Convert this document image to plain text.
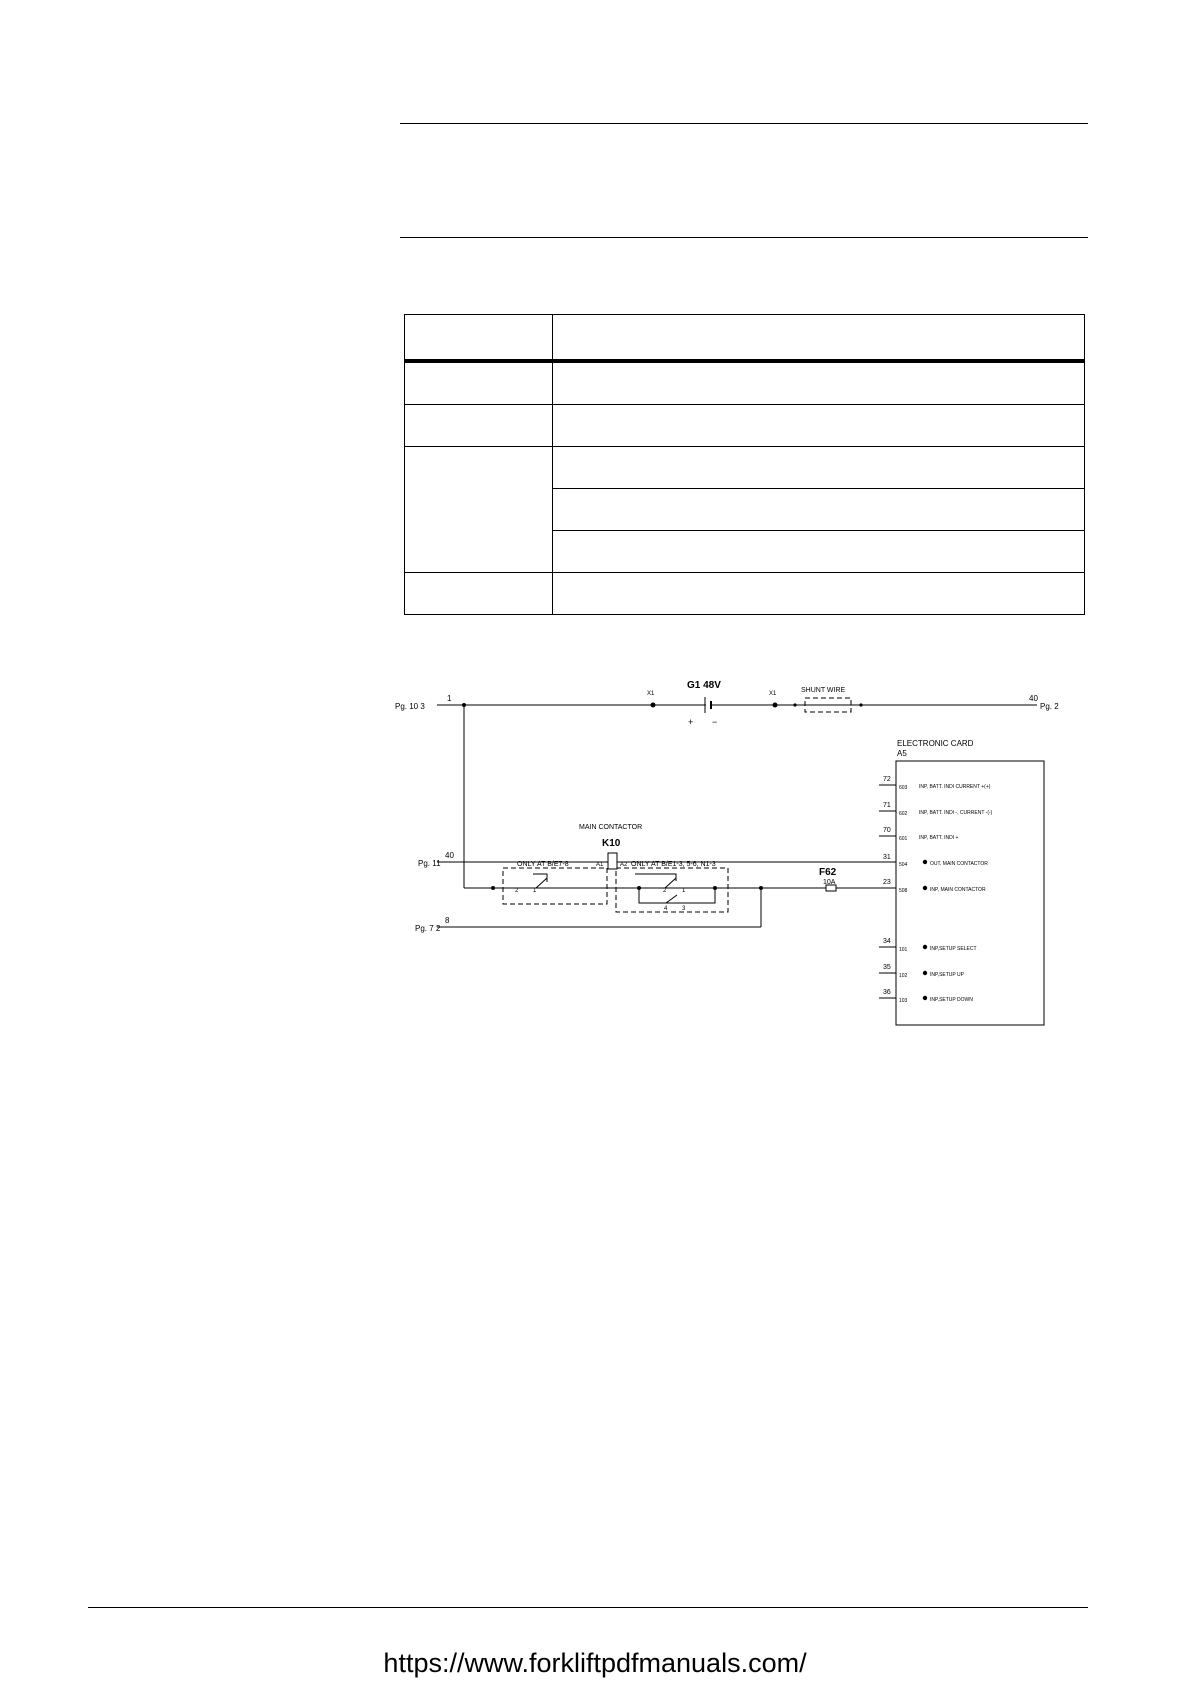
Pg. 10 3
1	X1	X1
G1 48V
+ −
SHUNT WIRE
40
Pg. 2
ELECTRONIC CARD
A5
72
603 INP, BATT. INDI CURRENT +(+)
71
602 INP, BATT. INDI -, CURRENT -(-)
70
601 INP, BATT. INDI +
31
504	OUT, MAIN CONTACTOR
23
508	INP, MAIN CONTACTOR
34
101	INP,SETUP SELECT
35
102	INP,SETUP UP
36
103	INP,SETUP DOWN
MAIN CONTACTOR
K10
A1	A2
ONLY AT B/E7-8	ONLY AT B/E1-3, 5-6, N1-3
Pg. 11
40
Pg. 7 2
8
2 1	2	1
4 3
F62
10A
https://www.forkliftpdfmanuals.com/
